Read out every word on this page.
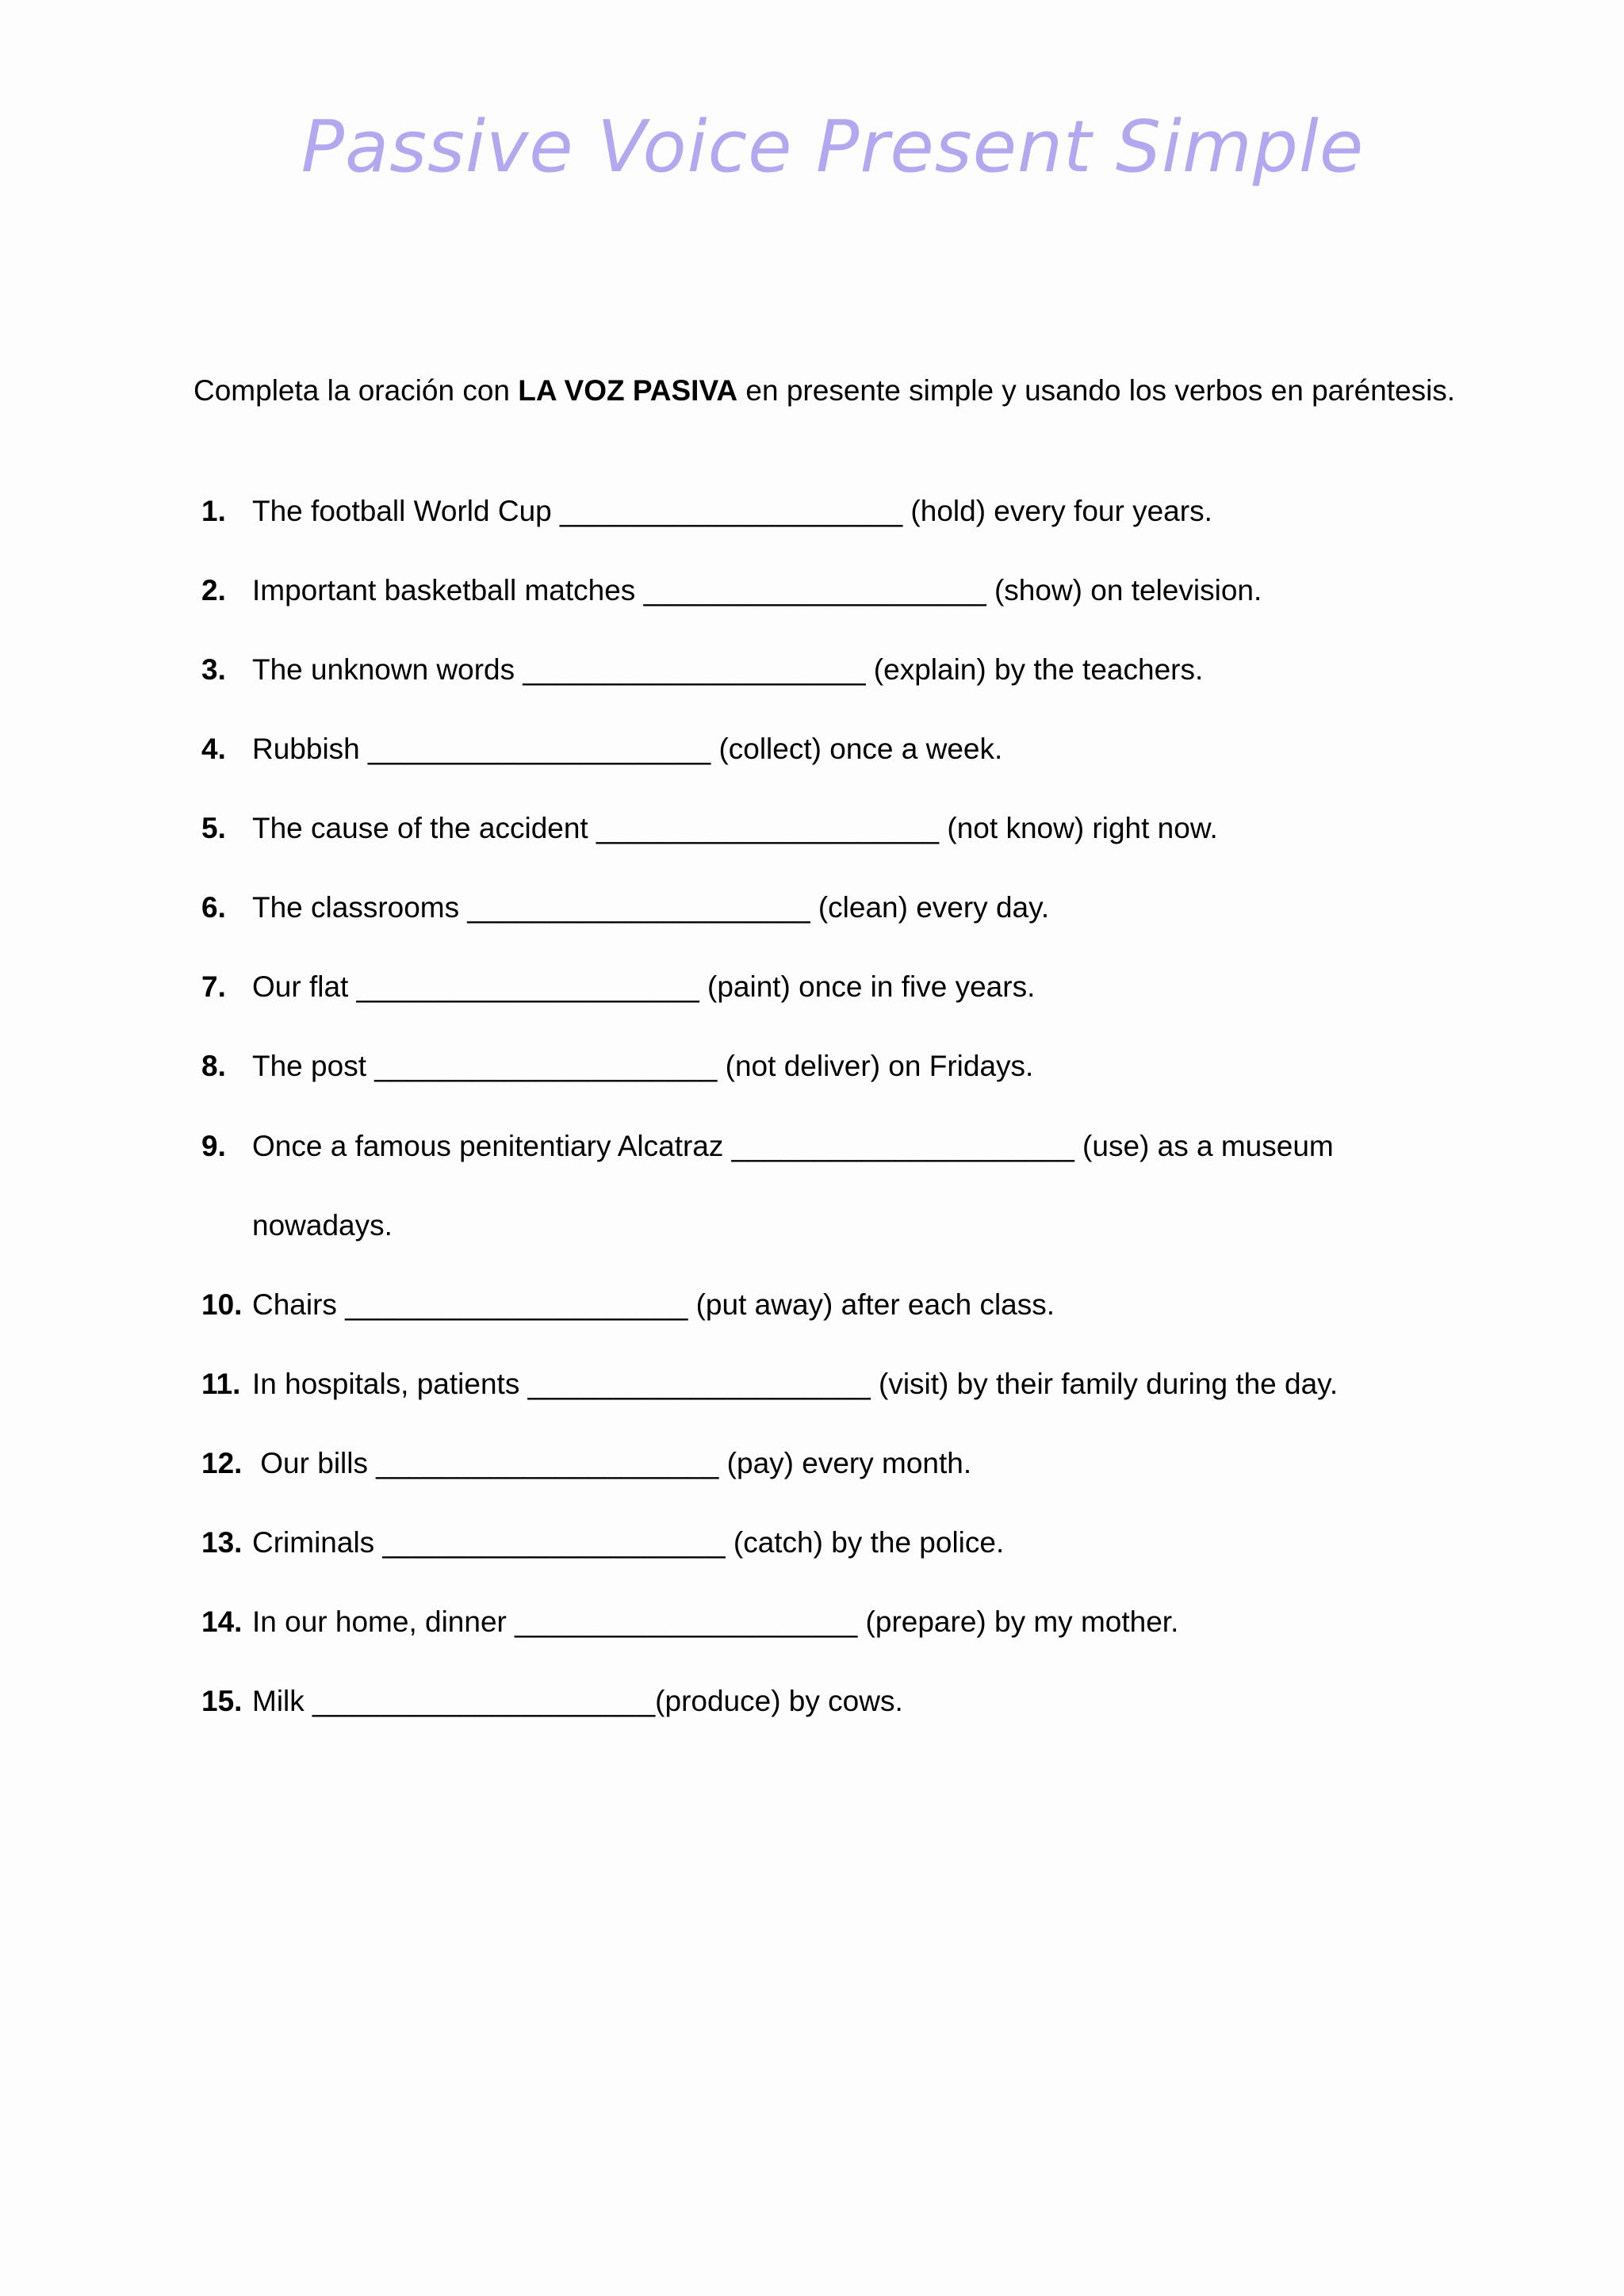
Passive Voice Present Simple
Completa la oración con LA VOZ PASIVA en presente simple y usando los verbos en paréntesis.
1. The football World Cup _____________________ (hold) every four years.
2. Important basketball matches _____________________ (show) on television.
3. The unknown words _____________________ (explain) by the teachers.
4. Rubbish _____________________ (collect) once a week.
5. The cause of the accident _____________________ (not know) right now.
6. The classrooms _____________________ (clean) every day.
7. Our flat _____________________ (paint) once in five years.
8. The post _____________________ (not deliver) on Fridays.
9. Once a famous penitentiary Alcatraz _____________________ (use) as a museum
nowadays.
10. Chairs _____________________ (put away) after each class.
11. In hospitals, patients _____________________ (visit) by their family during the day.
12. Our bills _____________________ (pay) every month.
13. Criminals _____________________ (catch) by the police.
14. In our home, dinner _____________________ (prepare) by my mother.
15. Milk _____________________(produce) by cows.
